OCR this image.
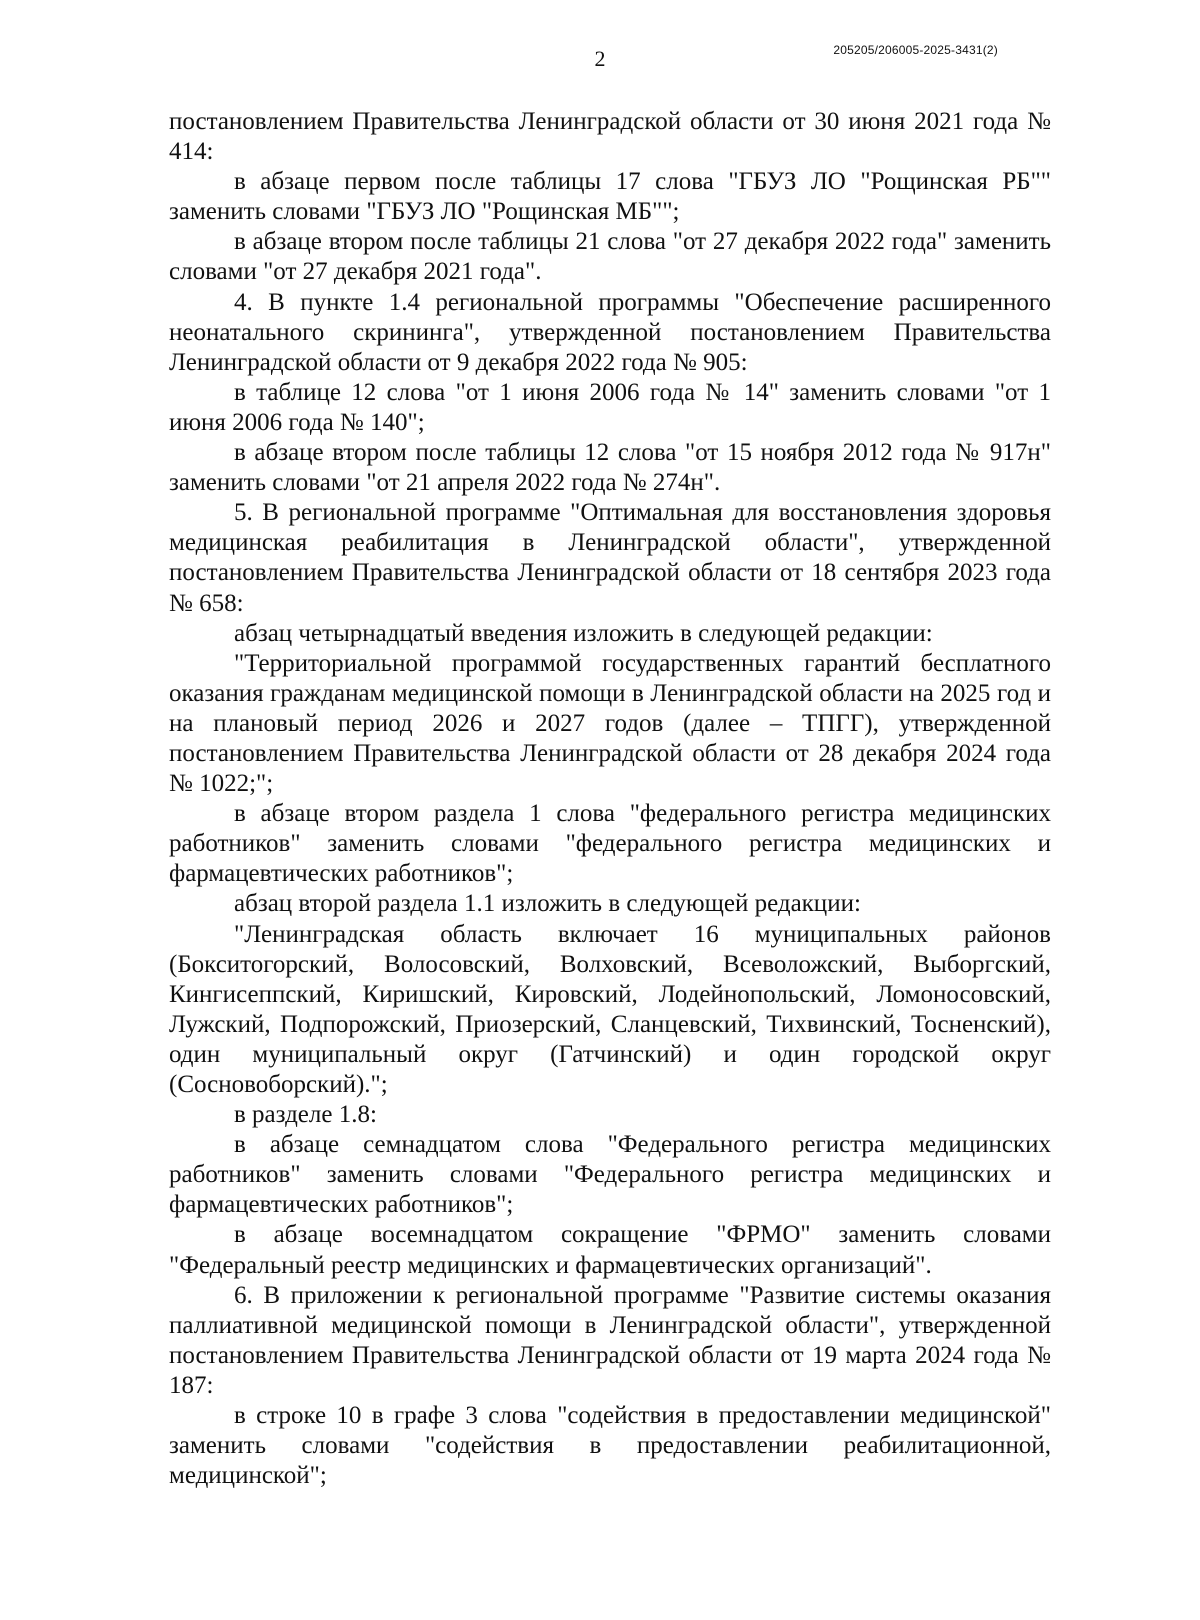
2	205205/206005-2025-3431(2)

постановлением Правительства Ленинградской области от 30 июня 2021 года № 414:

в абзаце первом после таблицы 17 слова "ГБУЗ ЛО "Рощинская РБ"" заменить словами "ГБУЗ ЛО "Рощинская МБ"";

в абзаце втором после таблицы 21 слова "от 27 декабря 2022 года" заменить словами "от 27 декабря 2021 года".

4. В пункте 1.4 региональной программы "Обеспечение расширенного неонатального скрининга", утвержденной постановлением Правительства Ленинградской области от 9 декабря 2022 года № 905:

в таблице 12 слова "от 1 июня 2006 года № 14" заменить словами "от 1 июня 2006 года № 140";

в абзаце втором после таблицы 12 слова "от 15 ноября 2012 года № 917н" заменить словами "от 21 апреля 2022 года № 274н".

5. В региональной программе "Оптимальная для восстановления здоровья медицинская реабилитация в Ленинградской области", утвержденной постановлением Правительства Ленинградской области от 18 сентября 2023 года № 658:

абзац четырнадцатый введения изложить в следующей редакции:

"Территориальной программой государственных гарантий бесплатного оказания гражданам медицинской помощи в Ленинградской области на 2025 год и на плановый период 2026 и 2027 годов (далее – ТПГГ), утвержденной постановлением Правительства Ленинградской области от 28 декабря 2024 года № 1022;";

в абзаце втором раздела 1 слова "федерального регистра медицинских работников" заменить словами "федерального регистра медицинских и фармацевтических работников";

абзац второй раздела 1.1 изложить в следующей редакции:

"Ленинградская область включает 16 муниципальных районов (Бокситогорский, Волосовский, Волховский, Всеволожский, Выборгский, Кингисеппский, Киришский, Кировский, Лодейнопольский, Ломоносовский, Лужский, Подпорожский, Приозерский, Сланцевский, Тихвинский, Тосненский), один муниципальный округ (Гатчинский) и один городской округ (Сосновоборский).";

в разделе 1.8:

в абзаце семнадцатом слова "Федерального регистра медицинских работников" заменить словами "Федерального регистра медицинских и фармацевтических работников";

в абзаце восемнадцатом сокращение "ФРМО" заменить словами "Федеральный реестр медицинских и фармацевтических организаций".

6. В приложении к региональной программе "Развитие системы оказания паллиативной медицинской помощи в Ленинградской области", утвержденной постановлением Правительства Ленинградской области от 19 марта 2024 года № 187:

в строке 10 в графе 3 слова "содействия в предоставлении медицинской" заменить словами "содействия в предоставлении реабилитационной, медицинской";
